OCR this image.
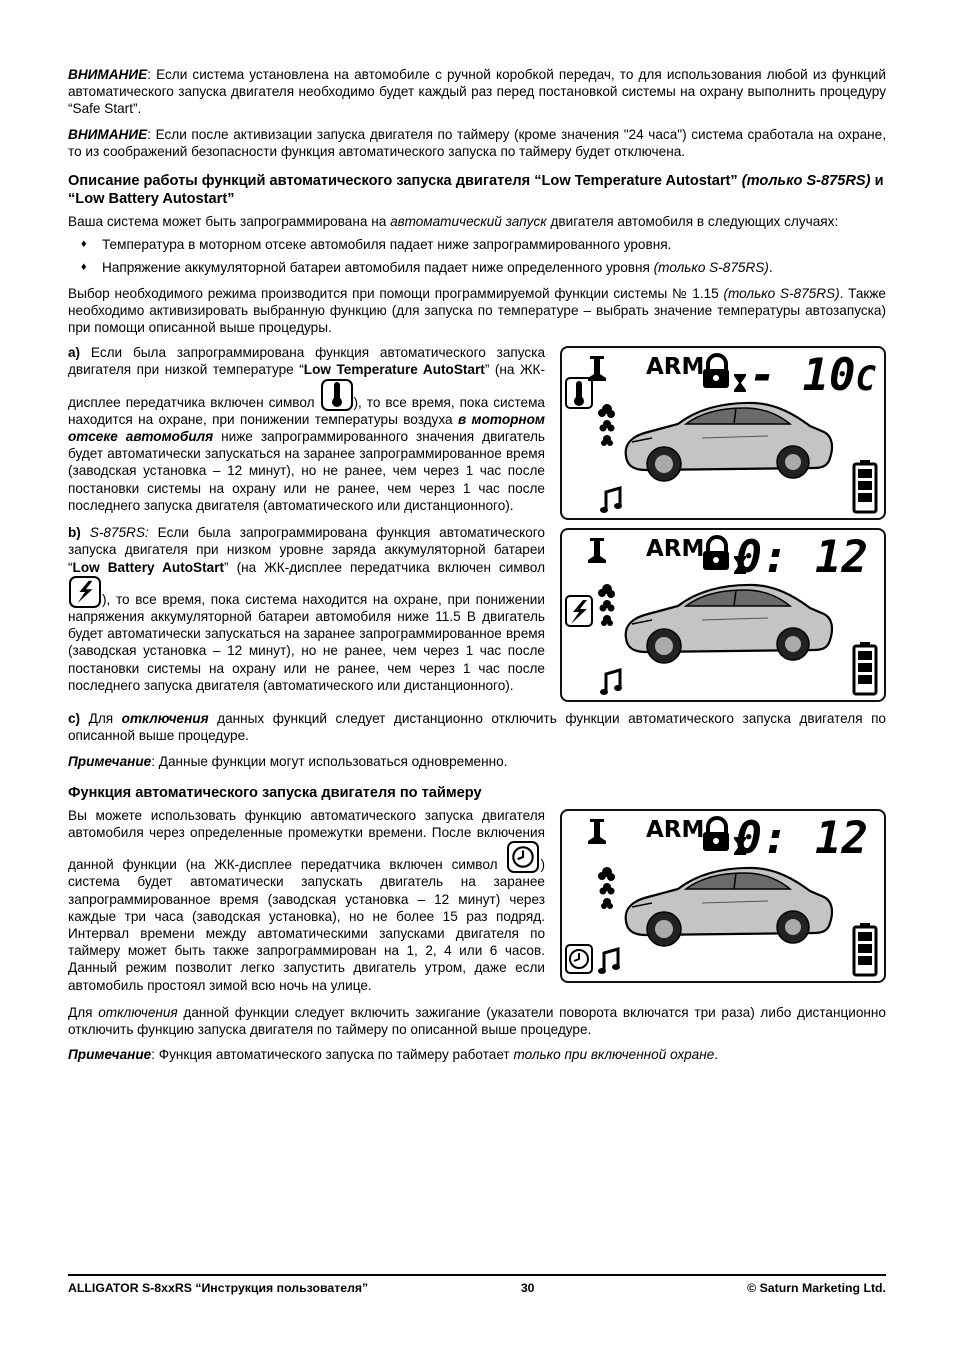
ВНИМАНИЕ: Если система установлена на автомобиле с ручной коробкой передач, то для использования любой из функций автоматического запуска двигателя необходимо будет каждый раз перед постановкой системы на охрану выполнить процедуру “Safe Start”.

ВНИМАНИЕ: Если после активизации запуска двигателя по таймеру (кроме значения "24 часа") система сработала на охране, то из соображений безопасности функция автоматического запуска по таймеру будет отключена.

Описание работы функций автоматического запуска двигателя “Low Temperature Autostart” (только S-875RS) и “Low Battery Autostart”

Ваша система может быть запрограммирована на автоматический запуск двигателя автомобиля в следующих случаях:

♦ Температура в моторном отсеке автомобиля падает ниже запрограммированного уровня.
♦ Напряжение аккумуляторной батареи автомобиля падает ниже определенного уровня (только S-875RS).

Выбор необходимого режима производится при помощи программируемой функции системы № 1.15 (только S-875RS). Также необходимо активизировать выбранную функцию (для запуска по температуре – выбрать значение температуры автозапуска) при помощи описанной выше процедуры.

а) Если была запрограммирована функция автоматического запуска двигателя при низкой температуре “Low Temperature AutoStart” (на ЖК-дисплее передатчика включен символ	), то все время, пока система находится на охране, при понижении температуры воздуха в моторном отсеке автомобиля ниже запрограммированного значения двигатель будет автоматически запускаться на заранее запрограммированное время (заводская установка – 12 минут), но не ранее, чем через 1 час после постановки системы на охрану или не ранее, чем через 1 час после последнего запуска двигателя (автоматического или дистанционного).

ARM - 10C

b) S-875RS: Если была запрограммирована функция автоматического запуска двигателя при низком уровне заряда аккумуляторной батареи “Low Battery AutoStart” (на ЖК-дисплее передатчика включен символ
), то все время, пока система находится на охране, при понижении напряжения аккумуляторной батареи автомобиля ниже 11.5 В двигатель будет автоматически запускаться на заранее запрограммированное время (заводская установка – 12 минут), но не ранее, чем через 1 час после постановки системы на охрану или не ранее, чем через 1 час после последнего запуска двигателя (автоматического или дистанционного).

ARM 0: 12

с) Для отключения данных функций следует дистанционно отключить функции автоматического запуска двигателя по описанной выше процедуре.

Примечание: Данные функции могут использоваться одновременно.

Функция автоматического запуска двигателя по таймеру

Вы можете использовать функцию автоматического запуска двигателя автомобиля через определенные промежутки времени. После включения данной функции (на ЖК-дисплее передатчика включен символ	) система будет автоматически запускать двигатель на заранее запрограммированное время (заводская установка – 12 минут) через каждые три часа (заводская установка), но не более 15 раз подряд. Интервал времени между автоматическими запусками двигателя по таймеру может быть также запрограммирован на 1, 2, 4 или 6 часов. Данный режим позволит легко запустить двигатель утром, даже если автомобиль простоял зимой всю ночь на улице.

ARM 0: 12

Для отключения данной функции следует включить зажигание (указатели поворота включатся три раза) либо дистанционно отключить функцию запуска двигателя по таймеру по описанной выше процедуре.

Примечание: Функция автоматического запуска по таймеру работает только при включенной охране.

ALLIGATOR S-8xxRS “Инструкция пользователя”	30	© Saturn Marketing Ltd.
